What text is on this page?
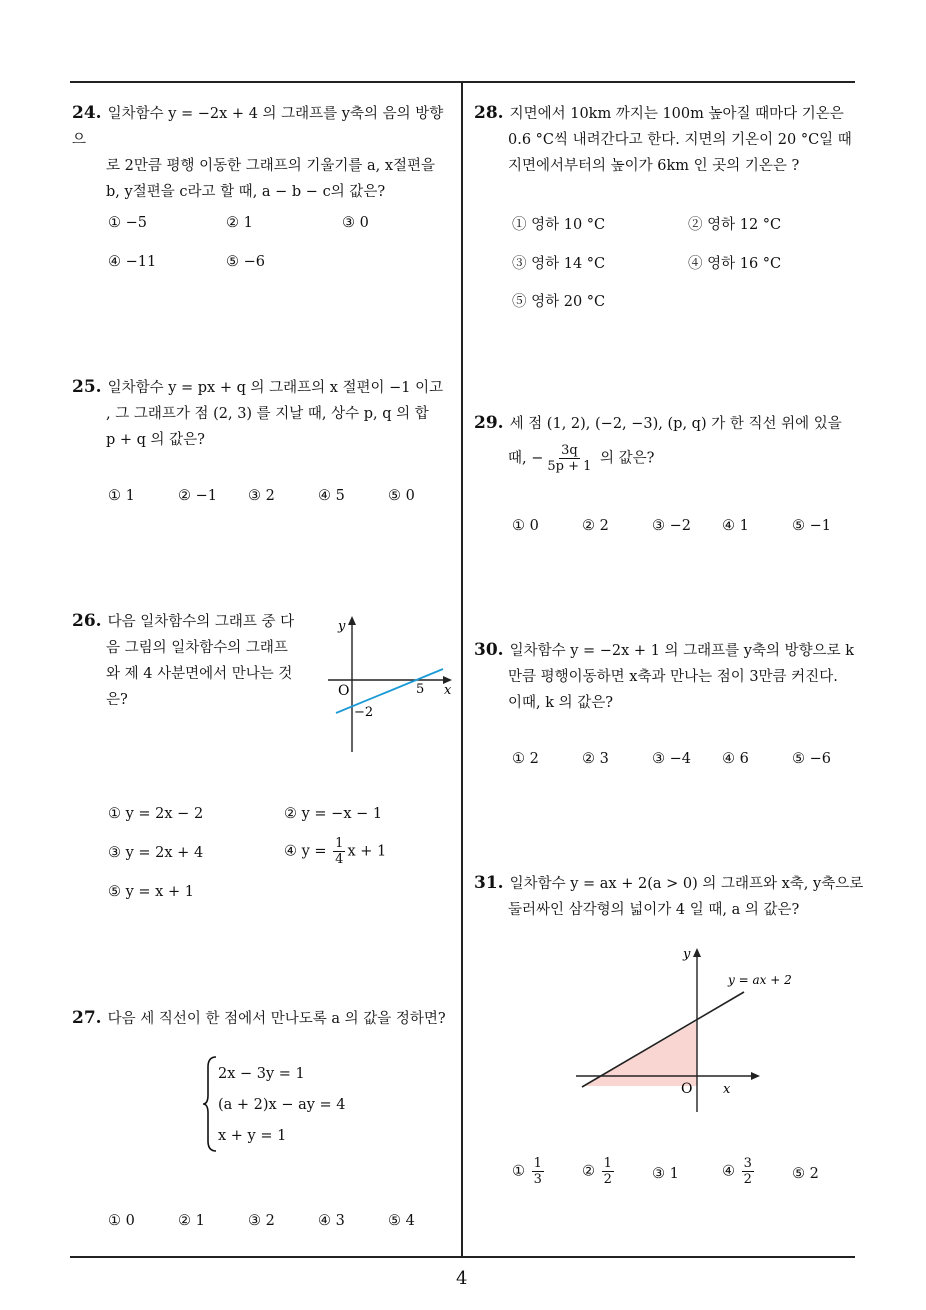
24. 일차함수 y = −2x + 4 의 그래프를 y축의 음의 방향으
로 2만큼 평행 이동한 그래프의 기울기를 a, x절편을
b, y절편을 c라고 할 때, a − b − c의 값은?
① −5	② 1	③ 0
④ −11	⑤ −6
25. 일차함수 y = px + q 의 그래프의 x 절편이 −1 이고
, 그 그래프가 점 (2, 3) 를 지날 때, 상수 p, q 의 합
p + q 의 값은?
① 1	② −1 ③ 2	④ 5	⑤ 0
26. 다음 일차함수의 그래프 중 다
음 그림의 일차함수의 그래프
와 제 4 사분면에서 만나는 것
은?
y
x
O	5
−2
① y = 2x − 2	② y = −x − 1
③ y = 2x + 4	④ $y = \frac{1}{4}$ x + 1
⑤ y = x + 1
27. 다음 세 직선이 한 점에서 만나도록 a 의 값을 정하면?
2x − 3y = 1
(a + 2)x − ay = 4
x + y = 1
① 0	② 1	③ 2	④ 3	⑤ 4
28. 지면에서 10km 까지는 100m 높아질 때마다 기온은
0.6 °C씩 내려간다고 한다. 지면의 기온이 20 °C일 때
지면에서부터의 높이가 6km 인 곳의 기온은 ?
① 영하 10 °C	② 영하 12 °C
③ 영하 14 °C	④ 영하 16 °C
⑤ 영하 20 °C
29. 세 점 (1, 2), (−2, −3), (p, q) 가 한 직선 위에 있을
때, − $\frac{3q}{5p + 1}$ 의 값은?
① 0	② 2	③ −2 ④ 1	⑤ −1
30. 일차함수 y = −2x + 1 의 그래프를 y축의 방향으로 k
만큼 평행이동하면 x축과 만나는 점이 3만큼 커진다.
이때, k 의 값은?
① 2	② 3	③ −4 ④ 6	⑤ −6
31. 일차함수 y = ax + 2(a > 0) 의 그래프와 x축, y축으로
둘러싸인 삼각형의 넓이가 4 일 때, a 의 값은?
y
x
O
y = ax + 2
① $\frac{1}{3}$	② $\frac{1}{2}$	③ 1	④ $\frac{3}{2}$	⑤ 2
4
